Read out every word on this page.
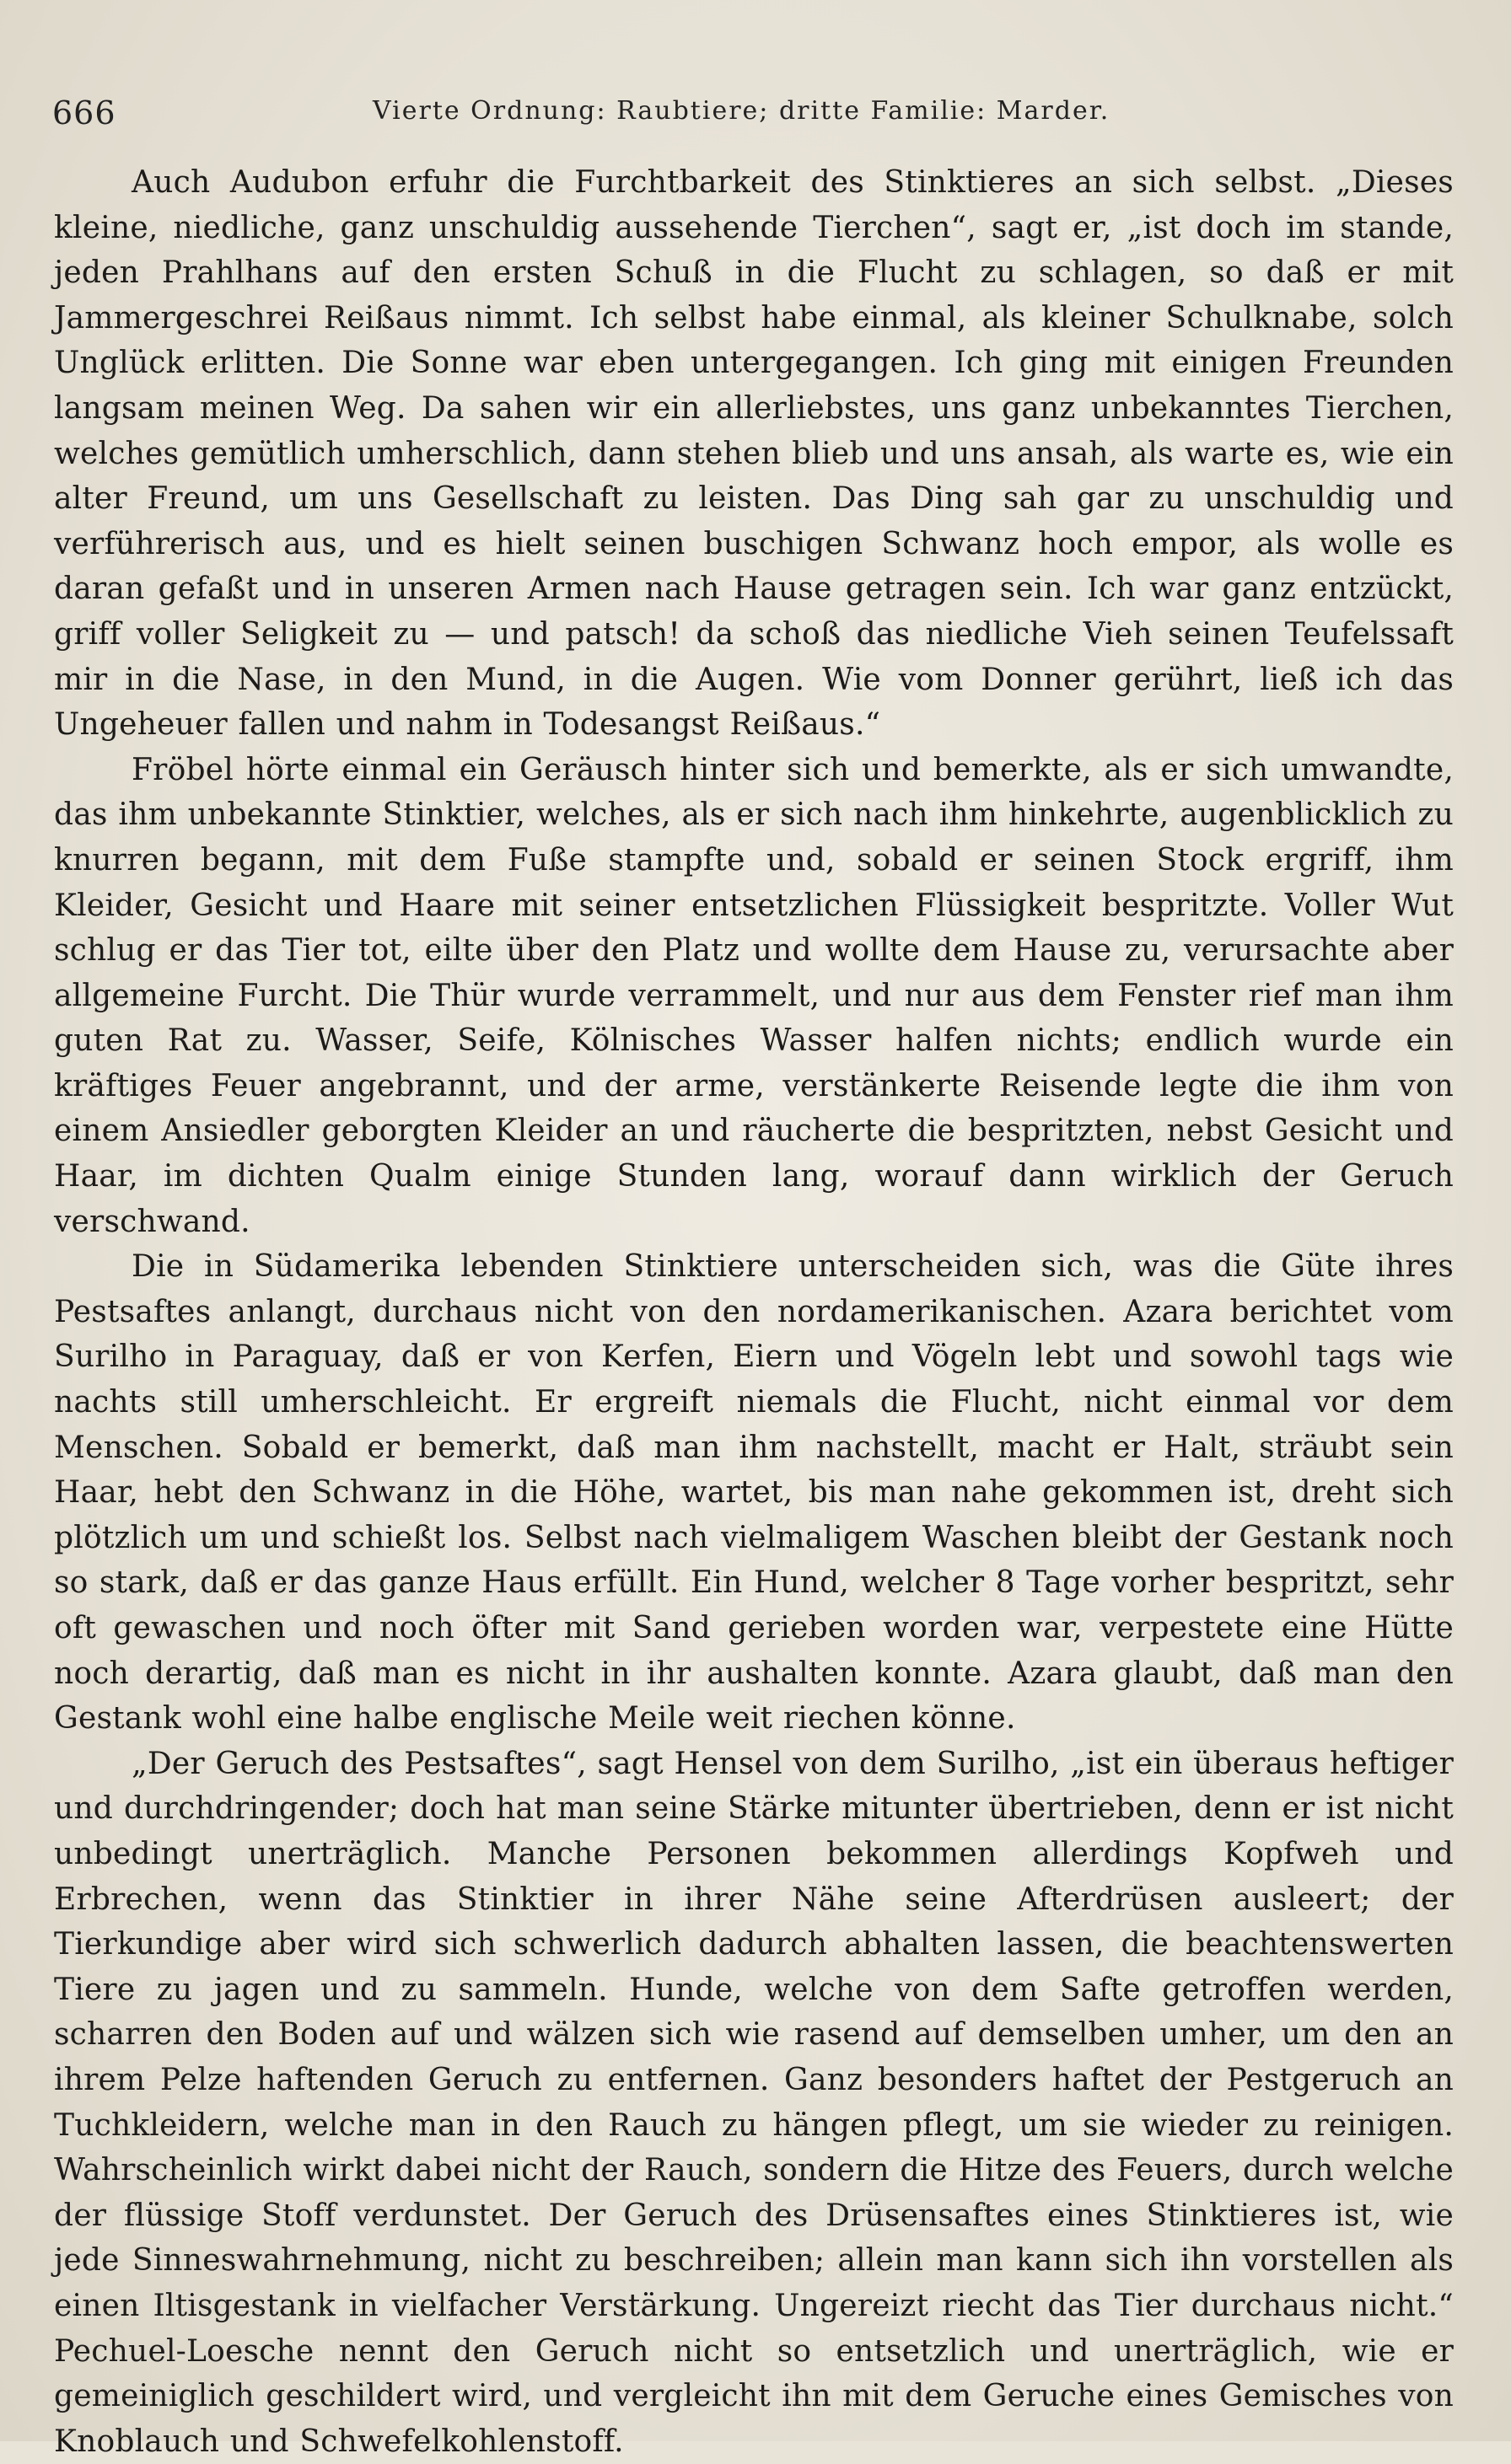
666	Vierte Ordnung: Raubtiere; dritte Familie: Marder.

Auch Audubon erfuhr die Furchtbarkeit des Stinktieres an sich selbst. „Dieses kleine, niedliche, ganz unschuldig aussehende Tierchen“, sagt er, „ist doch im stande, jeden Prahlhans auf den ersten Schuß in die Flucht zu schlagen, so daß er mit Jammergeschrei Reißaus nimmt. Ich selbst habe einmal, als kleiner Schulknabe, solch Unglück erlitten. Die Sonne war eben untergegangen. Ich ging mit einigen Freunden langsam meinen Weg. Da sahen wir ein allerliebstes, uns ganz unbekanntes Tierchen, welches gemütlich umherschlich, dann stehen blieb und uns ansah, als warte es, wie ein alter Freund, um uns Gesellschaft zu leisten. Das Ding sah gar zu unschuldig und verführerisch aus, und es hielt seinen buschigen Schwanz hoch empor, als wolle es daran gefaßt und in unseren Armen nach Hause getragen sein. Ich war ganz entzückt, griff voller Seligkeit zu — und patsch! da schoß das niedliche Vieh seinen Teufelssaft mir in die Nase, in den Mund, in die Augen. Wie vom Donner gerührt, ließ ich das Ungeheuer fallen und nahm in Todesangst Reißaus.“

Fröbel hörte einmal ein Geräusch hinter sich und bemerkte, als er sich umwandte, das ihm unbekannte Stinktier, welches, als er sich nach ihm hinkehrte, augenblicklich zu knurren begann, mit dem Fuße stampfte und, sobald er seinen Stock ergriff, ihm Kleider, Gesicht und Haare mit seiner entsetzlichen Flüssigkeit bespritzte. Voller Wut schlug er das Tier tot, eilte über den Platz und wollte dem Hause zu, verursachte aber allgemeine Furcht. Die Thür wurde verrammelt, und nur aus dem Fenster rief man ihm guten Rat zu. Wasser, Seife, Kölnisches Wasser halfen nichts; endlich wurde ein kräftiges Feuer angebrannt, und der arme, verstänkerte Reisende legte die ihm von einem Ansiedler geborgten Kleider an und räucherte die bespritzten, nebst Gesicht und Haar, im dichten Qualm einige Stunden lang, worauf dann wirklich der Geruch verschwand.

Die in Südamerika lebenden Stinktiere unterscheiden sich, was die Güte ihres Pestsaftes anlangt, durchaus nicht von den nordamerikanischen. Azara berichtet vom Surilho in Paraguay, daß er von Kerfen, Eiern und Vögeln lebt und sowohl tags wie nachts still umherschleicht. Er ergreift niemals die Flucht, nicht einmal vor dem Menschen. Sobald er bemerkt, daß man ihm nachstellt, macht er Halt, sträubt sein Haar, hebt den Schwanz in die Höhe, wartet, bis man nahe gekommen ist, dreht sich plötzlich um und schießt los. Selbst nach vielmaligem Waschen bleibt der Gestank noch so stark, daß er das ganze Haus erfüllt. Ein Hund, welcher 8 Tage vorher bespritzt, sehr oft gewaschen und noch öfter mit Sand gerieben worden war, verpestete eine Hütte noch derartig, daß man es nicht in ihr aushalten konnte. Azara glaubt, daß man den Gestank wohl eine halbe englische Meile weit riechen könne.

„Der Geruch des Pestsaftes“, sagt Hensel von dem Surilho, „ist ein überaus heftiger und durchdringender; doch hat man seine Stärke mitunter übertrieben, denn er ist nicht unbedingt unerträglich. Manche Personen bekommen allerdings Kopfweh und Erbrechen, wenn das Stinktier in ihrer Nähe seine Afterdrüsen ausleert; der Tierkundige aber wird sich schwerlich dadurch abhalten lassen, die beachtenswerten Tiere zu jagen und zu sammeln. Hunde, welche von dem Safte getroffen werden, scharren den Boden auf und wälzen sich wie rasend auf demselben umher, um den an ihrem Pelze haftenden Geruch zu entfernen. Ganz besonders haftet der Pestgeruch an Tuchkleidern, welche man in den Rauch zu hängen pflegt, um sie wieder zu reinigen. Wahrscheinlich wirkt dabei nicht der Rauch, sondern die Hitze des Feuers, durch welche der flüssige Stoff verdunstet. Der Geruch des Drüsensaftes eines Stinktieres ist, wie jede Sinneswahrnehmung, nicht zu beschreiben; allein man kann sich ihn vorstellen als einen Iltisgestank in vielfacher Verstärkung. Ungereizt riecht das Tier durchaus nicht.“ Pechuel-Loesche nennt den Geruch nicht so entsetzlich und unerträglich, wie er gemeiniglich geschildert wird, und vergleicht ihn mit dem Geruche eines Gemisches von Knoblauch und Schwefelkohlenstoff.
